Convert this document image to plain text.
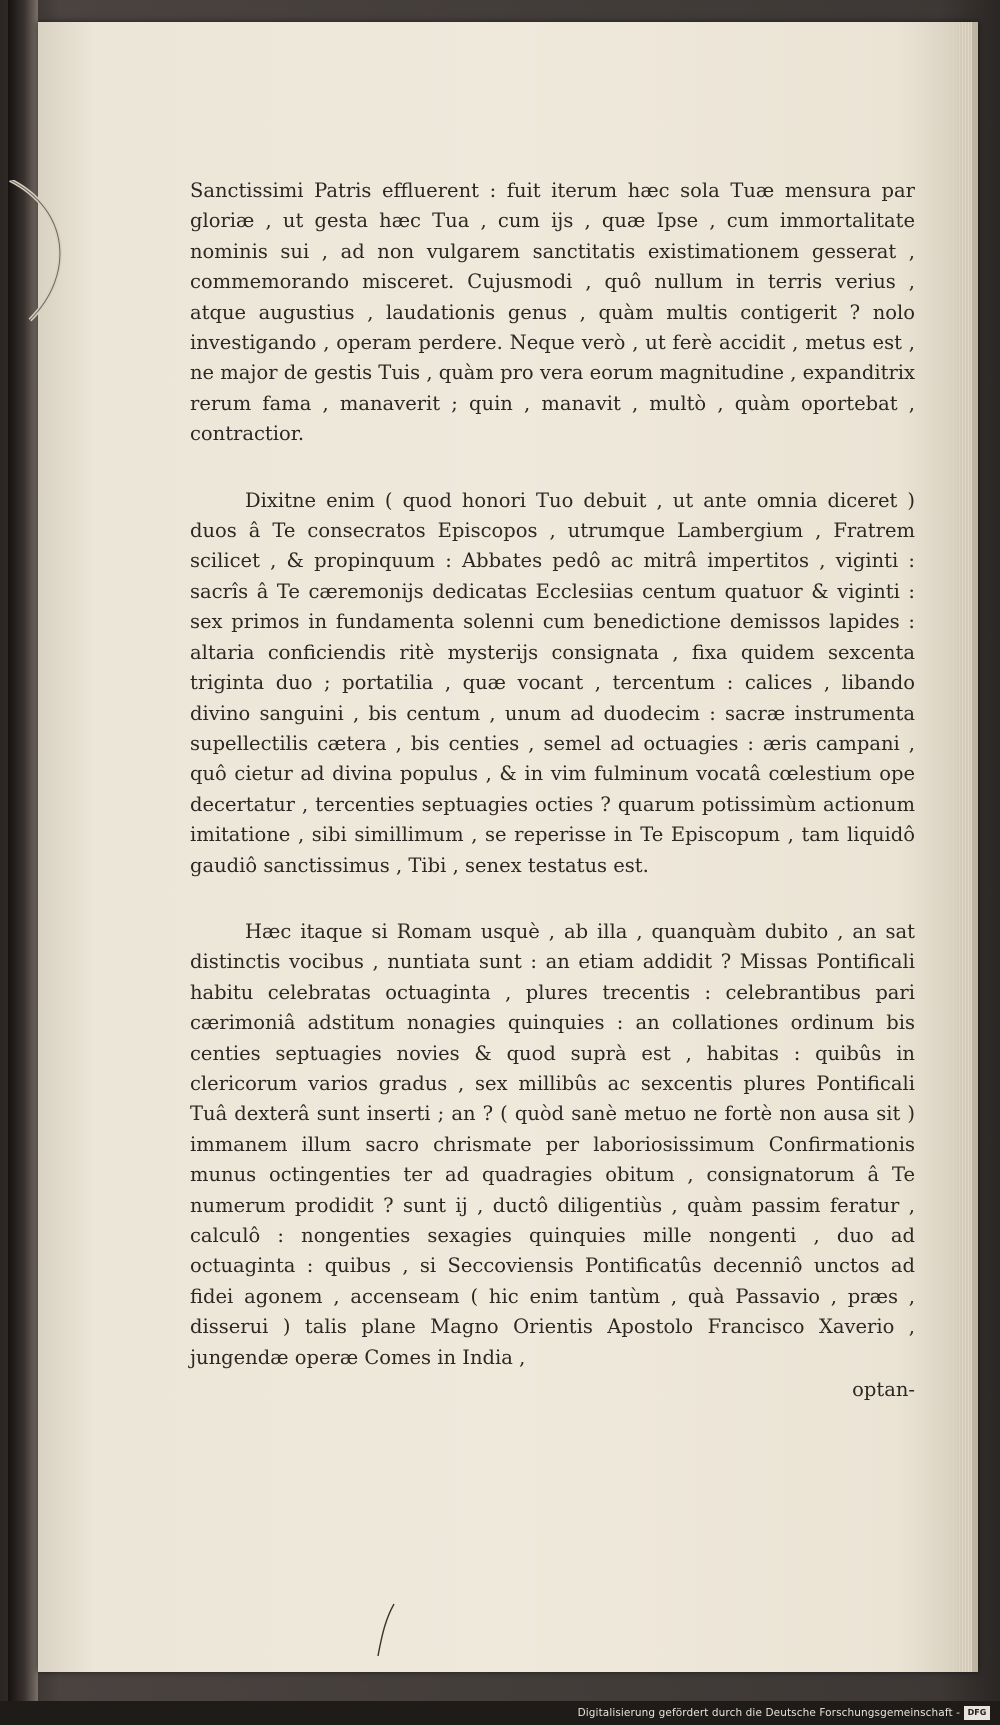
Sanctissimi Patris effluerent : fuit iterum hæc sola Tuæ mensura par gloriæ , ut gesta hæc Tua , cum ijs , quæ Ipse , cum immortalitate nominis sui , ad non vulgarem sanctitatis existimationem gesserat , commemorando misceret. Cujusmodi , quô nullum in terris verius , atque augustius , laudationis genus , quàm multis contigerit ? nolo investigando , operam perdere. Neque verò , ut ferè accidit , metus est , ne major de gestis Tuis , quàm pro vera eorum magnitudine , expanditrix rerum fama , manaverit ; quin , manavit , multò , quàm oportebat , contractior.

Dixitne enim ( quod honori Tuo debuit , ut ante omnia diceret ) duos â Te consecratos Episcopos , utrumque Lambergium , Fratrem scilicet , & propinquum : Abbates pedô ac mitrâ impertitos , viginti : sacrîs â Te cæremonijs dedicatas Ecclesiias centum quatuor & viginti : sex primos in fundamenta solenni cum benedictione demissos lapides : altaria conficiendis ritè mysterijs consignata , fixa quidem sexcenta triginta duo ; portatilia , quæ vocant , tercentum : calices , libando divino sanguini , bis centum , unum ad duodecim : sacræ instrumenta supellectilis cætera , bis centies , semel ad octuagies : æris campani , quô cietur ad divina populus , & in vim fulminum vocatâ cœlestium ope decertatur , tercenties septuagies octies ? quarum potissimùm actionum imitatione , sibi simillimum , se reperisse in Te Episcopum , tam liquidô gaudiô sanctissimus , Tibi , senex testatus est.

Hæc itaque si Romam usquè , ab illa , quanquàm dubito , an sat distinctis vocibus , nuntiata sunt : an etiam addidit ? Missas Pontificali habitu celebratas octuaginta , plures trecentis : celebrantibus pari cærimoniâ adstitum nonagies quinquies : an collationes ordinum bis centies septuagies novies & quod suprà est , habitas : quibûs in clericorum varios gradus , sex millibûs ac sexcentis plures Pontificali Tuâ dexterâ sunt inserti ; an ? ( quòd sanè metuo ne fortè non ausa sit ) immanem illum sacro chrismate per laboriosissimum Confirmationis munus octingenties ter ad quadragies obitum , consignatorum â Te numerum prodidit ? sunt ij , ductô diligentiùs , quàm passim feratur , calculô : nongenties sexagies quinquies mille nongenti , duo ad octuaginta : quibus , si Seccoviensis Pontificatûs decenniô unctos ad fidei agonem , accenseam ( hic enim tantùm , quà Passavio , præs , disserui ) talis plane Magno Orientis Apostolo Francisco Xaverio , jungendæ operæ Comes in India ,

optan-
Digitalisierung gefördert durch die Deutsche Forschungsgemeinschaft - DFG
